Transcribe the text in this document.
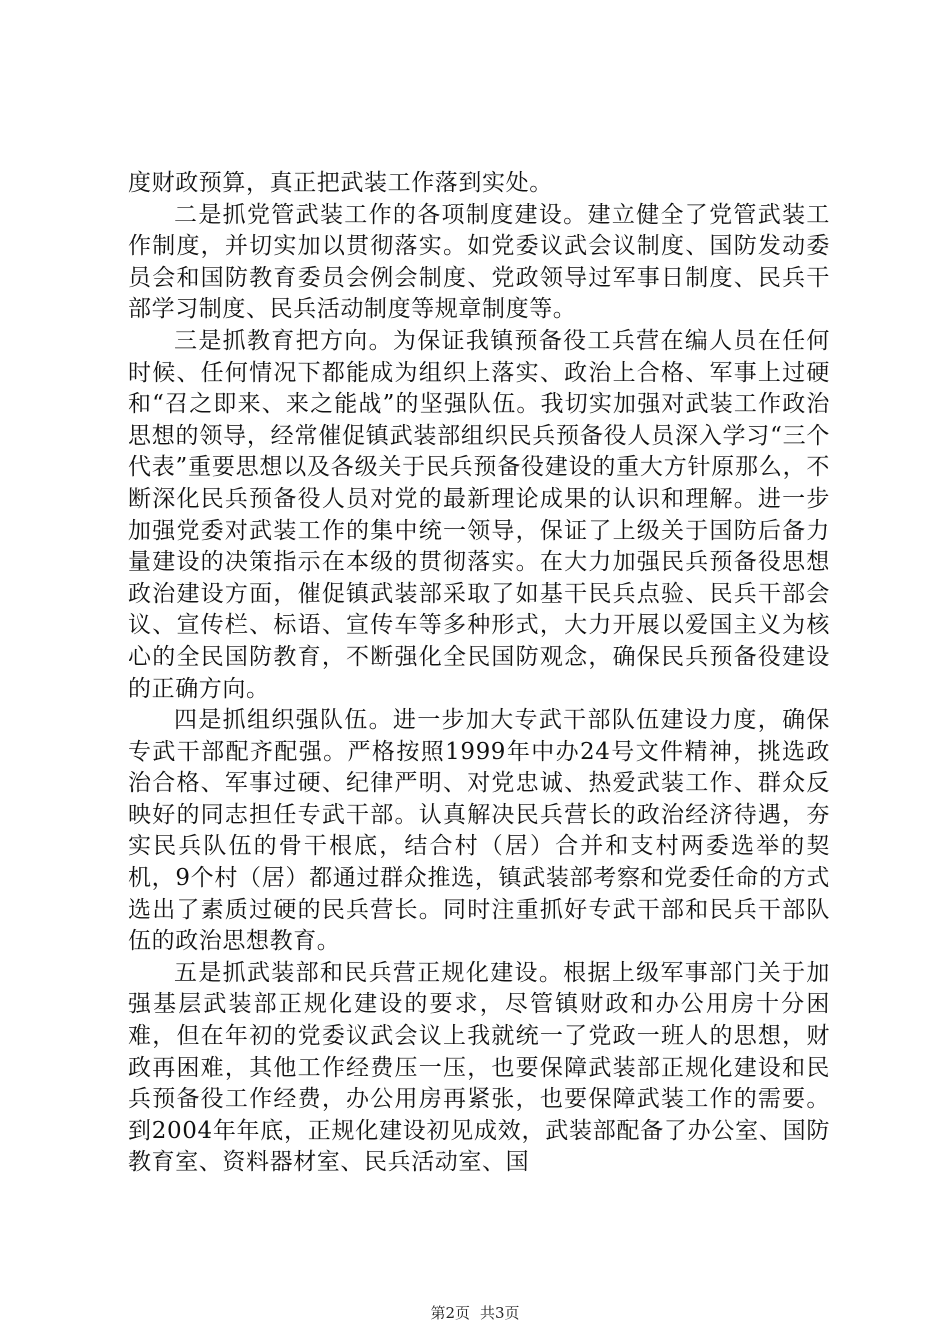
度财政预算，真正把武装工作落到实处。

二是抓党管武装工作的各项制度建设。建立健全了党管武装工作制度，并切实加以贯彻落实。如党委议武会议制度、国防发动委员会和国防教育委员会例会制度、党政领导过军事日制度、民兵干部学习制度、民兵活动制度等规章制度等。

三是抓教育把方向。为保证我镇预备役工兵营在编人员在任何时候、任何情况下都能成为组织上落实、政治上合格、军事上过硬和“召之即来、来之能战”的坚强队伍。我切实加强对武装工作政治思想的领导，经常催促镇武装部组织民兵预备役人员深入学习“三个代表”重要思想以及各级关于民兵预备役建设的重大方针原那么，不断深化民兵预备役人员对党的最新理论成果的认识和理解。进一步加强党委对武装工作的集中统一领导，保证了上级关于国防后备力量建设的决策指示在本级的贯彻落实。在大力加强民兵预备役思想政治建设方面，催促镇武装部采取了如基干民兵点验、民兵干部会议、宣传栏、标语、宣传车等多种形式，大力开展以爱国主义为核心的全民国防教育，不断强化全民国防观念，确保民兵预备役建设的正确方向。

四是抓组织强队伍。进一步加大专武干部队伍建设力度，确保专武干部配齐配强。严格按照1999年中办24号文件精神，挑选政治合格、军事过硬、纪律严明、对党忠诚、热爱武装工作、群众反映好的同志担任专武干部。认真解决民兵营长的政治经济待遇，夯实民兵队伍的骨干根底，结合村（居）合并和支村两委选举的契机，9个村（居）都通过群众推选，镇武装部考察和党委任命的方式选出了素质过硬的民兵营长。同时注重抓好专武干部和民兵干部队伍的政治思想教育。

五是抓武装部和民兵营正规化建设。根据上级军事部门关于加强基层武装部正规化建设的要求，尽管镇财政和办公用房十分困难，但在年初的党委议武会议上我就统一了党政一班人的思想，财政再困难，其他工作经费压一压，也要保障武装部正规化建设和民兵预备役工作经费，办公用房再紧张，也要保障武装工作的需要。到2004年年底，正规化建设初见成效，武装部配备了办公室、国防教育室、资料器材室、民兵活动室、国

第2页 共3页
